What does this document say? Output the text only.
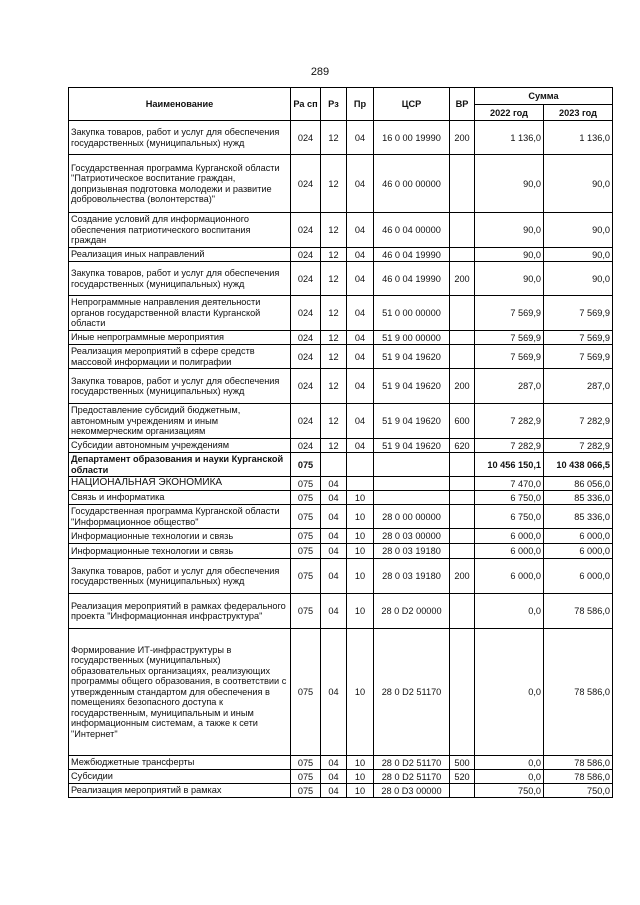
289
Наименование	Ра сп	Рз	Пр	ЦСР	ВР	Сумма	
						2022 год	2023 год
Закупка товаров, работ и услуг для обеспечения государственных (муниципальных) нужд	024	12	04	16 0 00 19990	200	1 136,0	1 136,0
Государственная программа Курганской области "Патриотическое воспитание граждан, допризывная подготовка молодежи и развитие добровольчества (волонтерства)"	024	12	04	46 0 00 00000		90,0	90,0
Создание условий для информационного обеспечения патриотического воспитания граждан	024	12	04	46 0 04 00000		90,0	90,0
Реализация иных направлений	024	12	04	46 0 04 19990		90,0	90,0
Закупка товаров, работ и услуг для обеспечения государственных (муниципальных) нужд	024	12	04	46 0 04 19990	200	90,0	90,0
Непрограммные направления деятельности органов государственной власти Курганской области	024	12	04	51 0 00 00000		7 569,9	7 569,9
Иные непрограммные мероприятия	024	12	04	51 9 00 00000		7 569,9	7 569,9
Реализация мероприятий в сфере средств массовой информации и полиграфии	024	12	04	51 9 04 19620		7 569,9	7 569,9
Закупка товаров, работ и услуг для обеспечения государственных (муниципальных) нужд	024	12	04	51 9 04 19620	200	287,0	287,0
Предоставление субсидий бюджетным, автономным учреждениям и иным некоммерческим организациям	024	12	04	51 9 04 19620	600	7 282,9	7 282,9
Субсидии автономным учреждениям	024	12	04	51 9 04 19620	620	7 282,9	7 282,9
Департамент образования и науки Курганской области	075					10 456 150,1	10 438 066,5
НАЦИОНАЛЬНАЯ ЭКОНОМИКА	075	04				7 470,0	86 056,0
Связь и информатика	075	04	10			6 750,0	85 336,0
Государственная программа Курганской области "Информационное общество"	075	04	10	28 0 00 00000		6 750,0	85 336,0
Информационные технологии и связь	075	04	10	28 0 03 00000		6 000,0	6 000,0
Информационные технологии и связь	075	04	10	28 0 03 19180		6 000,0	6 000,0
Закупка товаров, работ и услуг для обеспечения государственных (муниципальных) нужд	075	04	10	28 0 03 19180	200	6 000,0	6 000,0
Реализация мероприятий в рамках федерального проекта "Информационная инфраструктура"	075	04	10	28 0 D2 00000		0,0	78 586,0
Формирование ИТ-инфраструктуры в государственных (муниципальных) образовательных организациях, реализующих программы общего образования, в соответствии с утвержденным стандартом для обеспечения в помещениях безопасного доступа к государственным, муниципальным и иным информационным системам, а также к сети "Интернет"	075	04	10	28 0 D2 51170		0,0	78 586,0
Межбюджетные трансферты	075	04	10	28 0 D2 51170	500	0,0	78 586,0
Субсидии	075	04	10	28 0 D2 51170	520	0,0	78 586,0
Реализация мероприятий в рамках	075	04	10	28 0 D3 00000		750,0	750,0
